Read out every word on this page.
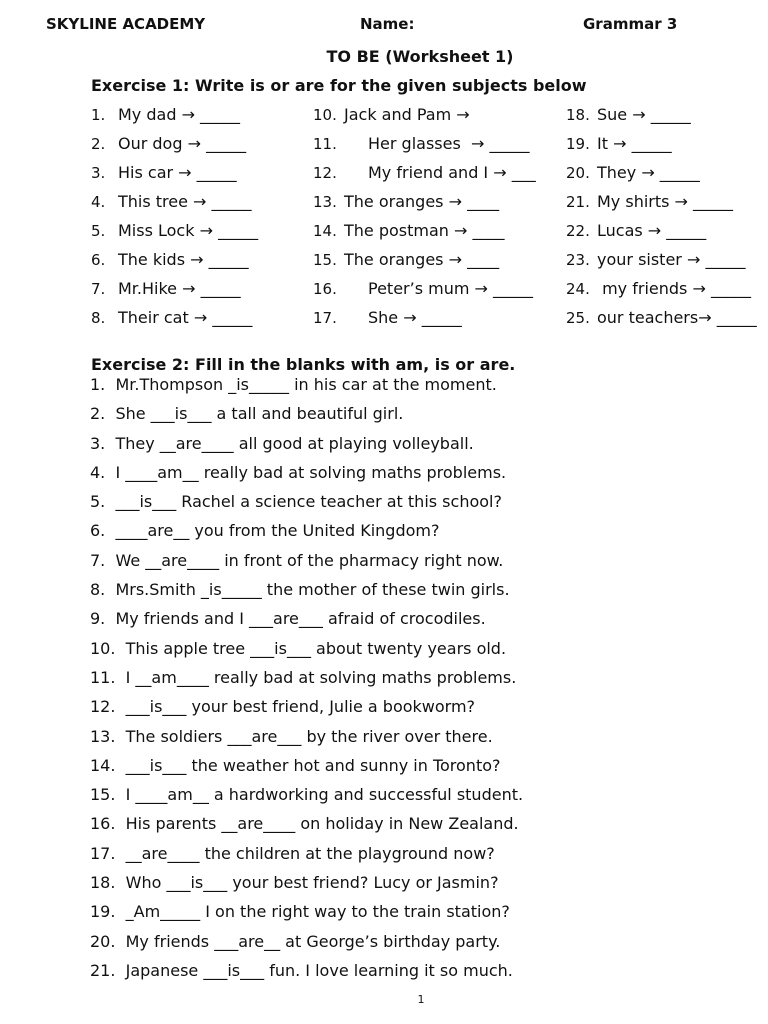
SKYLINE ACADEMY	Name:	Grammar 3
TO BE (Worksheet 1)
Exercise 1: Write is or are for the given subjects below
1. My dad → _____
2. Our dog → _____
3. His car → _____
4. This tree → _____
5. Miss Lock → _____
6. The kids → _____
7. Mr.Hike → _____
8. Their cat → _____
10. Jack and Pam →
11. Her glasses  → _____
12. My friend and I → ___
13. The oranges → ____
14. The postman → ____
15. The oranges → ____
16. Peter’s mum → _____
17. She → _____
18. Sue → _____
19. It → _____
20. They → _____
21. My shirts → _____
22. Lucas → _____
23. your sister → _____
24. my friends → _____
25. our teachers→ _____
Exercise 2: Fill in the blanks with am, is or are.
1.  Mr.Thompson _is_____ in his car at the moment.
2.  She ___is___ a tall and beautiful girl.
3.  They __are____ all good at playing volleyball.
4.  I ____am__ really bad at solving maths problems.
5.  ___is___ Rachel a science teacher at this school?
6.  ____are__ you from the United Kingdom?
7.  We __are____ in front of the pharmacy right now.
8.  Mrs.Smith _is_____ the mother of these twin girls.
9.  My friends and I ___are___ afraid of crocodiles.
10.  This apple tree ___is___ about twenty years old.
11.  I __am____ really bad at solving maths problems.
12.  ___is___ your best friend, Julie a bookworm?
13.  The soldiers ___are___ by the river over there.
14.  ___is___ the weather hot and sunny in Toronto?
15.  I ____am__ a hardworking and successful student.
16.  His parents __are____ on holiday in New Zealand.
17.  __are____ the children at the playground now?
18.  Who ___is___ your best friend? Lucy or Jasmin?
19.  _Am_____ I on the right way to the train station?
20.  My friends ___are__ at George’s birthday party.
21.  Japanese ___is___ fun. I love learning it so much.
1
